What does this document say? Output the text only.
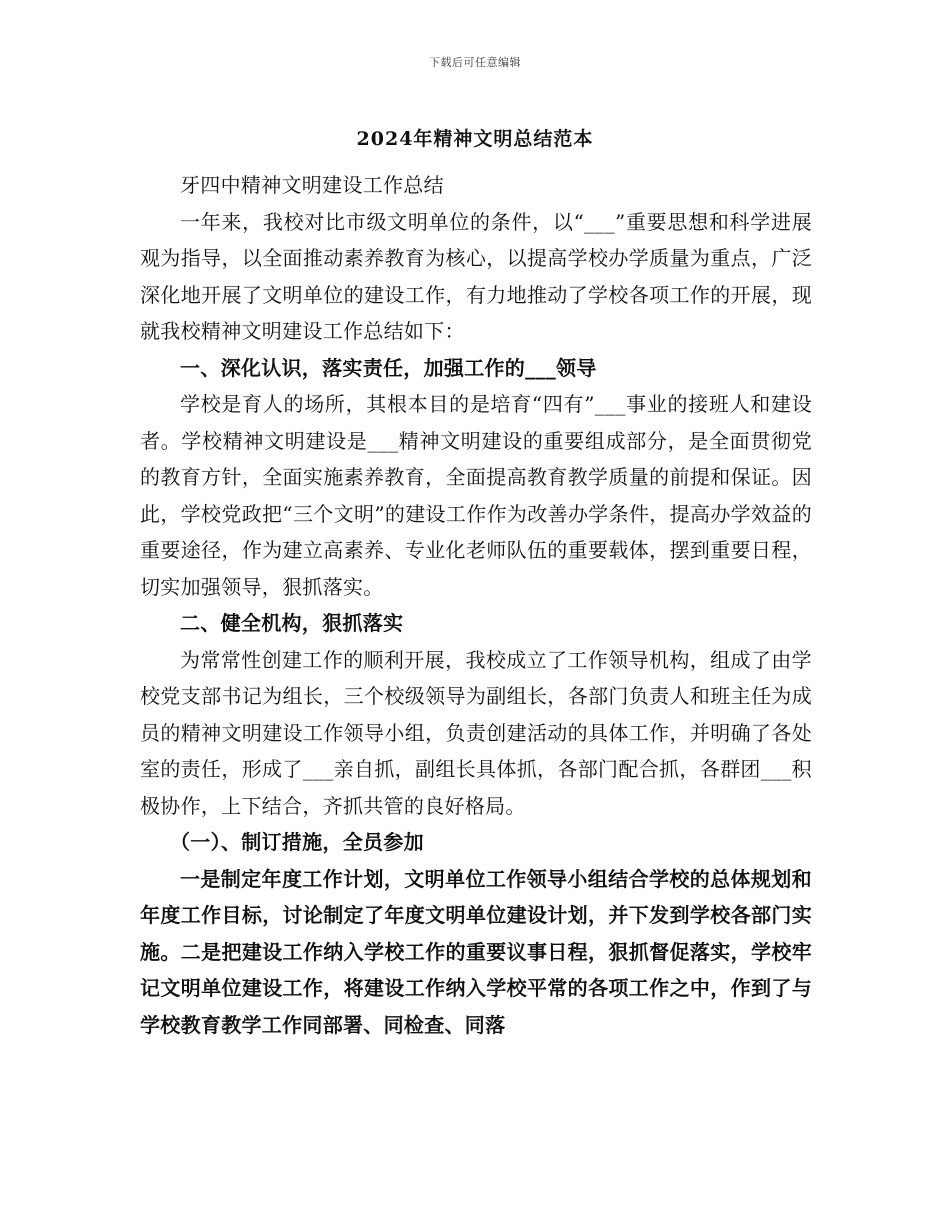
下载后可任意编辑
2024年精神文明总结范本

牙四中精神文明建设工作总结

一年来，我校对比市级文明单位的条件，以“___”重要思想和科学进展观为指导，以全面推动素养教育为核心，以提高学校办学质量为重点，广泛深化地开展了文明单位的建设工作，有力地推动了学校各项工作的开展，现就我校精神文明建设工作总结如下：

一、深化认识，落实责任，加强工作的___领导

学校是育人的场所，其根本目的是培育“四有”___事业的接班人和建设者。学校精神文明建设是___精神文明建设的重要组成部分，是全面贯彻党的教育方针，全面实施素养教育，全面提高教育教学质量的前提和保证。因此，学校党政把“三个文明”的建设工作作为改善办学条件，提高办学效益的重要途径，作为建立高素养、专业化老师队伍的重要载体，摆到重要日程，切实加强领导，狠抓落实。

二、健全机构，狠抓落实

为常常性创建工作的顺利开展，我校成立了工作领导机构，组成了由学校党支部书记为组长，三个校级领导为副组长，各部门负责人和班主任为成员的精神文明建设工作领导小组，负责创建活动的具体工作，并明确了各处室的责任，形成了___亲自抓，副组长具体抓，各部门配合抓，各群团___积极协作，上下结合，齐抓共管的良好格局。

（一）、制订措施，全员参加

一是制定年度工作计划，文明单位工作领导小组结合学校的总体规划和年度工作目标，讨论制定了年度文明单位建设计划，并下发到学校各部门实施。二是把建设工作纳入学校工作的重要议事日程，狠抓督促落实，学校牢记文明单位建设工作，将建设工作纳入学校平常的各项工作之中，作到了与学校教育教学工作同部署、同检查、同落
